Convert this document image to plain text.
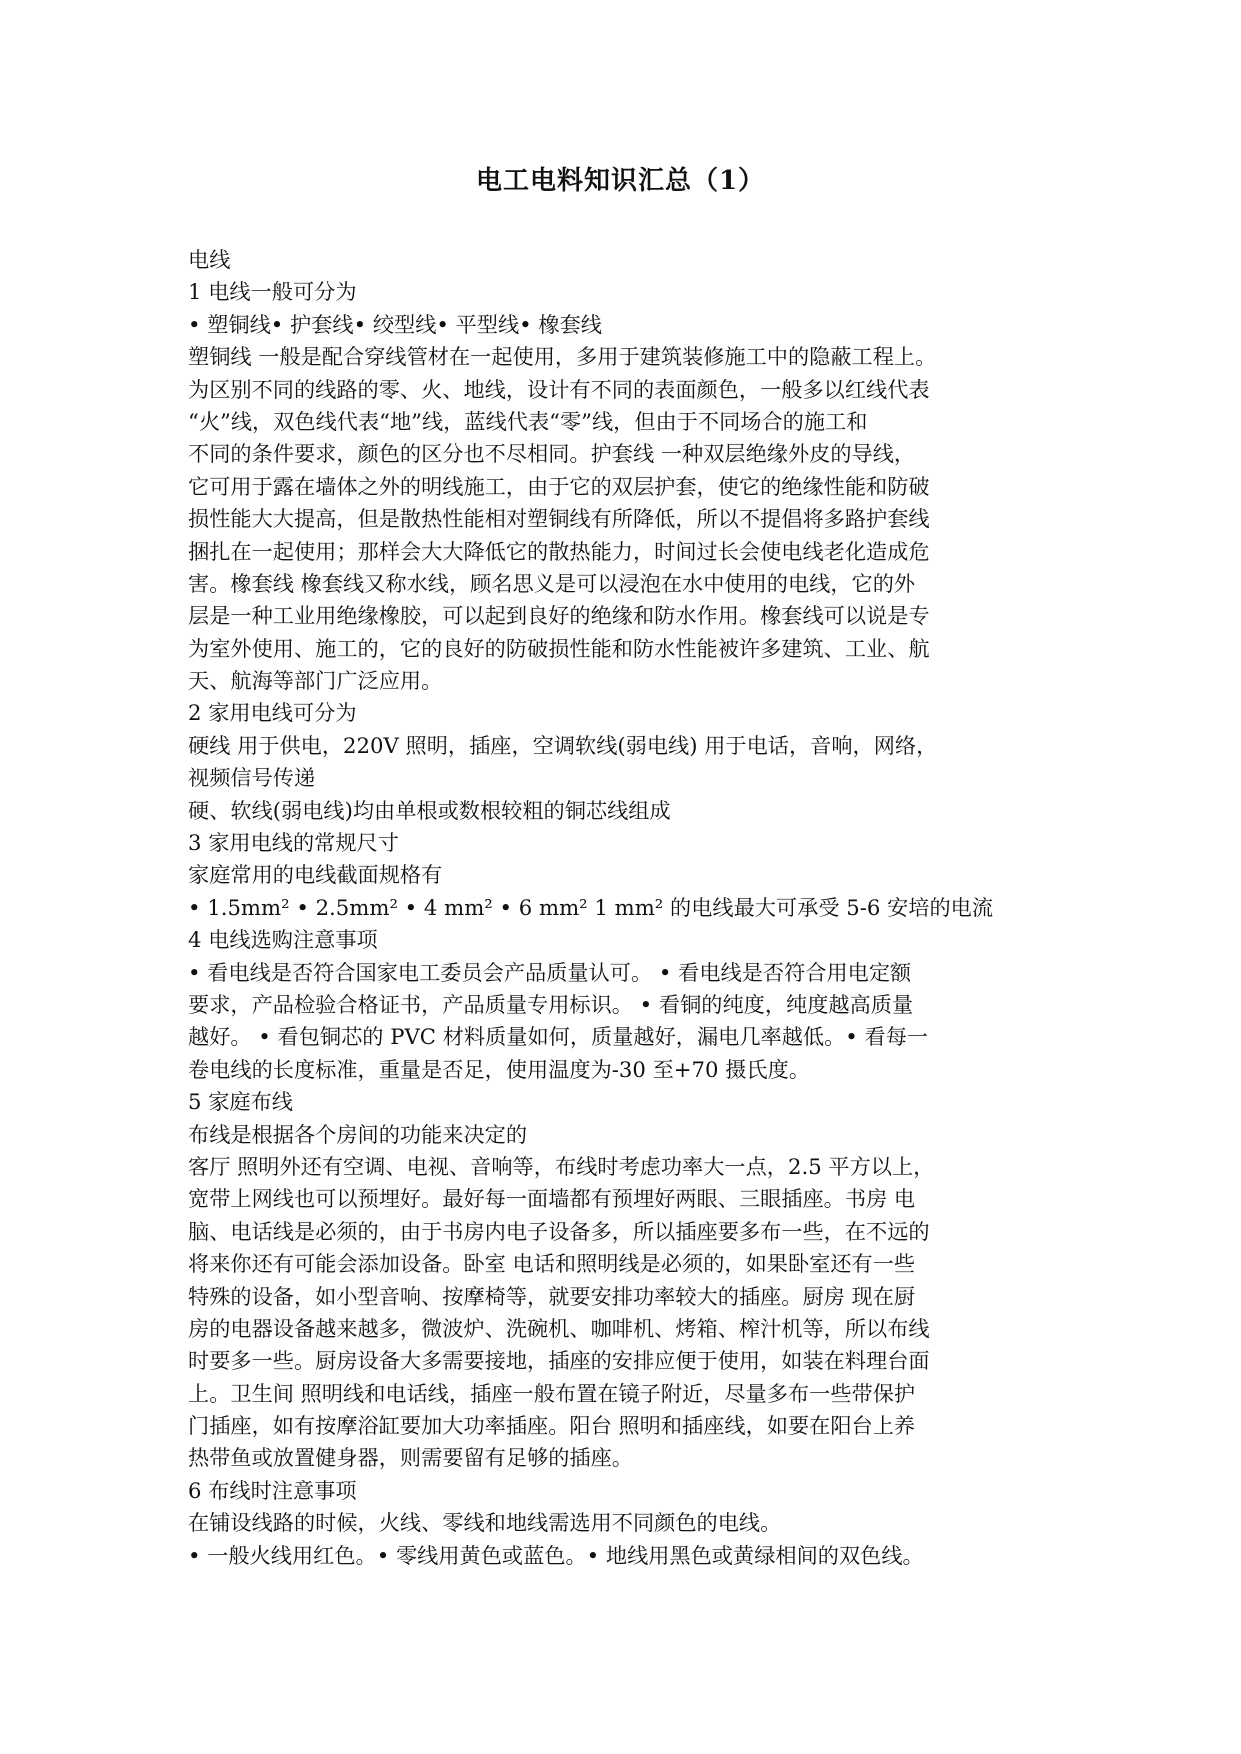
电工电料知识汇总（1）
电线
1 电线一般可分为
• 塑铜线• 护套线• 绞型线• 平型线• 橡套线
塑铜线 一般是配合穿线管材在一起使用，多用于建筑装修施工中的隐蔽工程上。
为区别不同的线路的零、火、地线，设计有不同的表面颜色，一般多以红线代表
“火”线，双色线代表“地”线，蓝线代表“零”线，但由于不同场合的施工和
不同的条件要求，颜色的区分也不尽相同。护套线 一种双层绝缘外皮的导线，
它可用于露在墙体之外的明线施工，由于它的双层护套，使它的绝缘性能和防破
损性能大大提高，但是散热性能相对塑铜线有所降低，所以不提倡将多路护套线
捆扎在一起使用；那样会大大降低它的散热能力，时间过长会使电线老化造成危
害。橡套线 橡套线又称水线，顾名思义是可以浸泡在水中使用的电线，它的外
层是一种工业用绝缘橡胶，可以起到良好的绝缘和防水作用。橡套线可以说是专
为室外使用、施工的，它的良好的防破损性能和防水性能被许多建筑、工业、航
天、航海等部门广泛应用。
2 家用电线可分为
硬线 用于供电，220V 照明，插座，空调软线(弱电线) 用于电话，音响，网络，
视频信号传递
硬、软线(弱电线)均由单根或数根较粗的铜芯线组成
3 家用电线的常规尺寸
家庭常用的电线截面规格有
• 1.5mm² • 2.5mm² • 4 mm² • 6 mm² 1 mm² 的电线最大可承受 5-6 安培的电流
4 电线选购注意事项
• 看电线是否符合国家电工委员会产品质量认可。 • 看电线是否符合用电定额
要求，产品检验合格证书，产品质量专用标识。 • 看铜的纯度，纯度越高质量
越好。 • 看包铜芯的 PVC 材料质量如何，质量越好，漏电几率越低。• 看每一
卷电线的长度标准，重量是否足，使用温度为-30 至+70 摄氏度。
5 家庭布线
布线是根据各个房间的功能来决定的
客厅 照明外还有空调、电视、音响等，布线时考虑功率大一点，2.5 平方以上，
宽带上网线也可以预埋好。最好每一面墙都有预埋好两眼、三眼插座。书房 电
脑、电话线是必须的，由于书房内电子设备多，所以插座要多布一些，在不远的
将来你还有可能会添加设备。卧室 电话和照明线是必须的，如果卧室还有一些
特殊的设备，如小型音响、按摩椅等，就要安排功率较大的插座。厨房 现在厨
房的电器设备越来越多，微波炉、洗碗机、咖啡机、烤箱、榨汁机等，所以布线
时要多一些。厨房设备大多需要接地，插座的安排应便于使用，如装在料理台面
上。卫生间 照明线和电话线，插座一般布置在镜子附近，尽量多布一些带保护
门插座，如有按摩浴缸要加大功率插座。阳台 照明和插座线，如要在阳台上养
热带鱼或放置健身器，则需要留有足够的插座。
6 布线时注意事项
在铺设线路的时候，火线、零线和地线需选用不同颜色的电线。
• 一般火线用红色。• 零线用黄色或蓝色。• 地线用黑色或黄绿相间的双色线。
